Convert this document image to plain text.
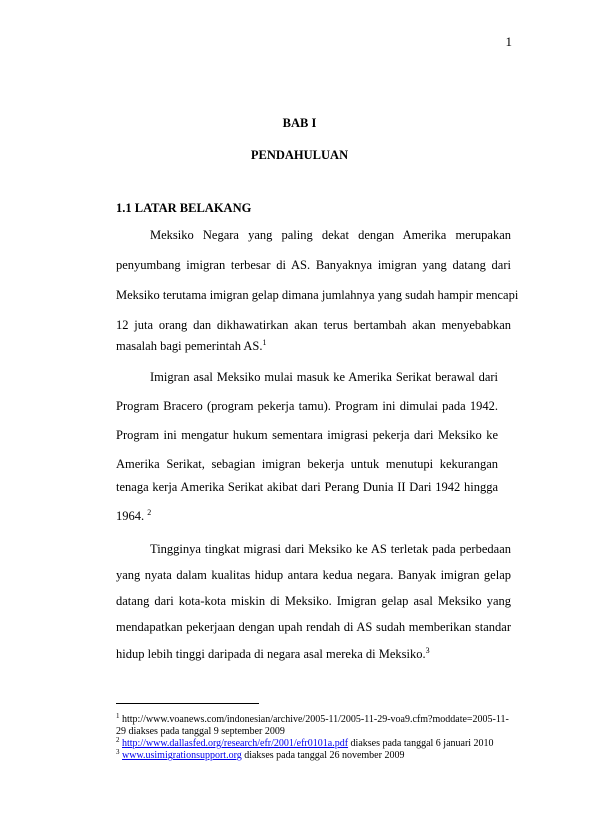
1
BAB I
PENDAHULUAN
1.1 LATAR BELAKANG
Meksiko Negara yang paling dekat dengan Amerika merupakan
penyumbang imigran terbesar di AS. Banyaknya imigran yang datang dari
Meksiko terutama imigran gelap dimana jumlahnya yang sudah hampir mencapi
12 juta orang dan dikhawatirkan akan terus bertambah akan menyebabkan
masalah bagi pemerintah AS.$^1$
Imigran asal Meksiko mulai masuk ke Amerika Serikat berawal dari
Program Bracero (program pekerja tamu). Program ini dimulai pada 1942.
Program ini mengatur hukum sementara imigrasi pekerja dari Meksiko ke
Amerika Serikat, sebagian imigran bekerja untuk menutupi kekurangan
tenaga kerja Amerika Serikat akibat dari Perang Dunia II Dari 1942 hingga
1964. $^2$
Tingginya tingkat migrasi dari Meksiko ke AS terletak pada perbedaan
yang nyata dalam kualitas hidup antara kedua negara. Banyak imigran gelap
datang dari kota-kota miskin di Meksiko. Imigran gelap asal Meksiko yang
mendapatkan pekerjaan dengan upah rendah di AS sudah memberikan standar
hidup lebih tinggi daripada di negara asal mereka di Meksiko.$^3$
$^1$ http://www.voanews.com/indonesian/archive/2005-11/2005-11-29-voa9.cfm?moddate=2005-11-
29 diakses pada tanggal 9 september 2009
$^2$ http://www.dallasfed.org/research/efr/2001/efr0101a.pdf diakses pada tanggal 6 januari 2010
$^3$ www.usimigrationsupport.org diakses pada tanggal 26 november 2009
